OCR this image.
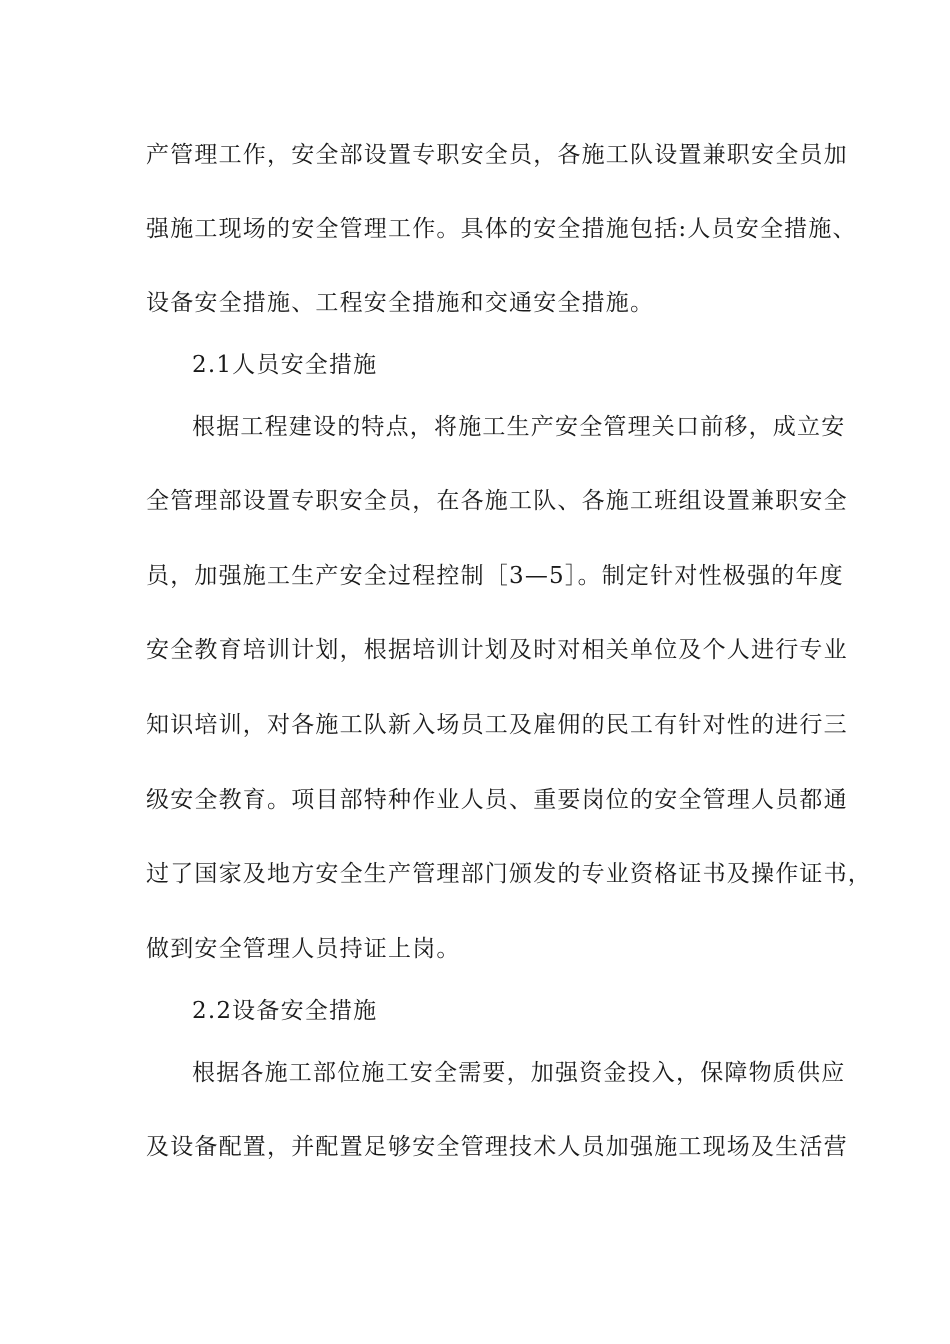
产管理工作，安全部设置专职安全员，各施工队设置兼职安全员加
强施工现场的安全管理工作。具体的安全措施包括:人员安全措施、
设备安全措施、工程安全措施和交通安全措施。
2.1人员安全措施
根据工程建设的特点，将施工生产安全管理关口前移，成立安
全管理部设置专职安全员，在各施工队、各施工班组设置兼职安全
员，加强施工生产安全过程控制［3—5］。制定针对性极强的年度
安全教育培训计划，根据培训计划及时对相关单位及个人进行专业
知识培训，对各施工队新入场员工及雇佣的民工有针对性的进行三
级安全教育。项目部特种作业人员、重要岗位的安全管理人员都通
过了国家及地方安全生产管理部门颁发的专业资格证书及操作证书，
做到安全管理人员持证上岗。
2.2设备安全措施
根据各施工部位施工安全需要，加强资金投入，保障物质供应
及设备配置，并配置足够安全管理技术人员加强施工现场及生活营
